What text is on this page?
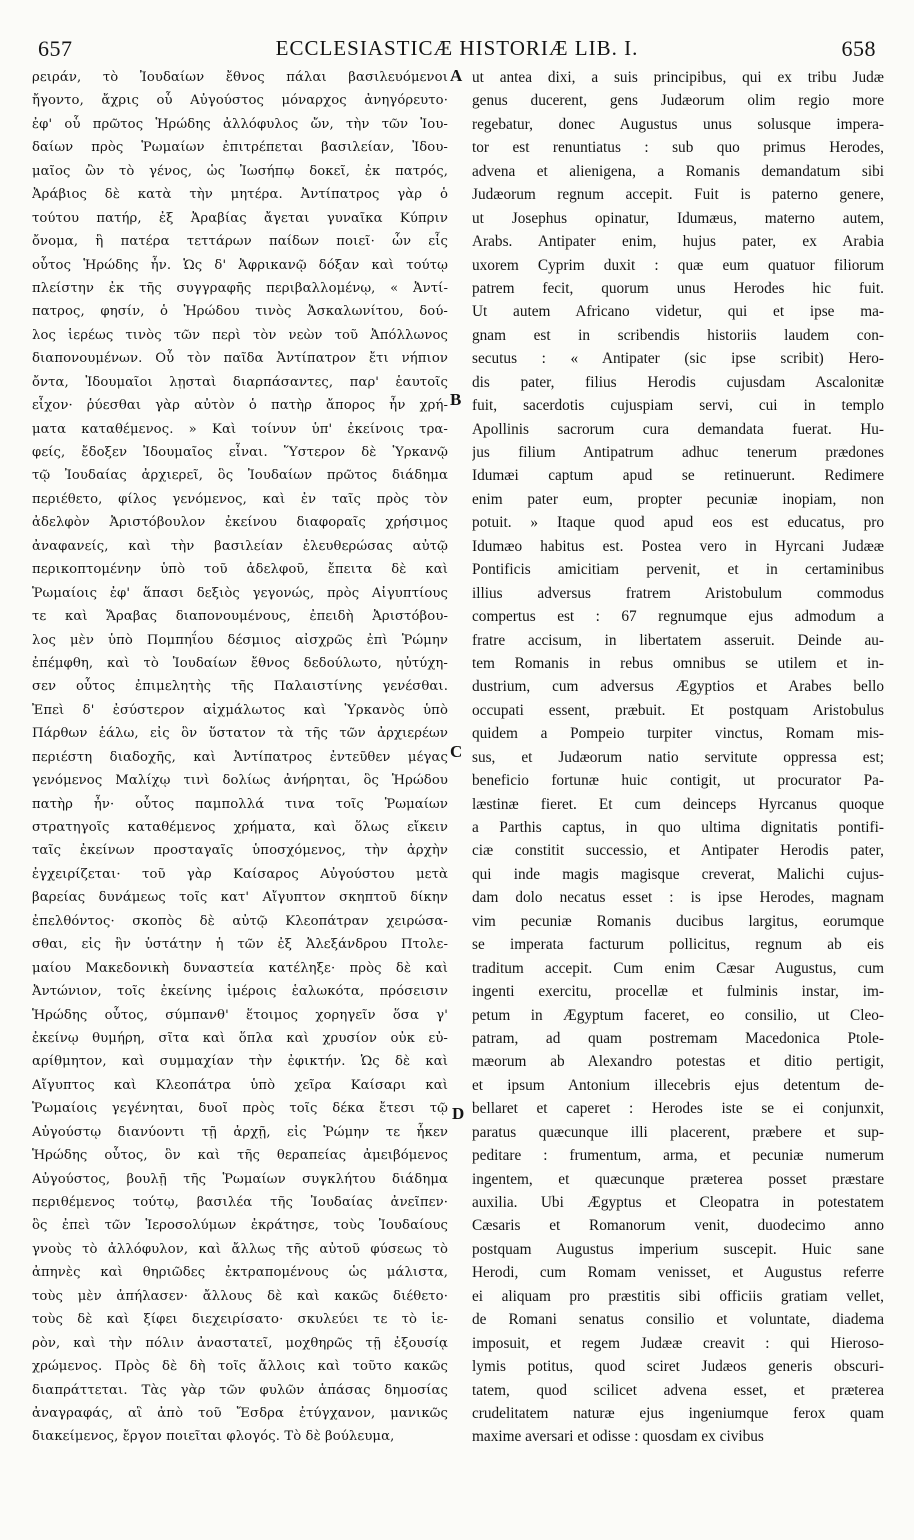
657	ECCLESIASTICÆ HISTORIÆ LIB. I.	658
ρειράν, τὸ Ἰουδαίων ἔθνος πάλαι βασιλευόμενοι
ἤγοντο, ἄχρις οὗ Αὐγούστος μόναρχος ἀνηγόρευτο·
ἐφ' οὗ πρῶτος Ἡρώδης ἀλλόφυλος ὤν, τὴν τῶν Ἰου-
δαίων πρὸς Ῥωμαίων ἐπιτρέπεται βασιλείαν, Ἰδου-
μαῖος ὢν τὸ γένος, ὡς Ἰωσήπῳ δοκεῖ, ἐκ πατρός,
Ἀράβιος δὲ κατὰ τὴν μητέρα. Ἀντίπατρος γὰρ ὁ
τούτου πατήρ, ἐξ Ἀραβίας ἄγεται γυναῖκα Κύπριν
ὄνομα, ἣ πατέρα τεττάρων παίδων ποιεῖ· ὧν εἷς
οὗτος Ἡρώδης ἦν. Ὡς δ' Ἀφρικανῷ δόξαν καὶ τούτῳ
πλείστην ἐκ τῆς συγγραφῆς περιβαλλομένῳ, « Ἀντί-
πατρος, φησίν, ὁ Ἡρώδου τινὸς Ἀσκαλωνίτου, δού-
λος ἱερέως τινὸς τῶν περὶ τὸν νεὼν τοῦ Ἀπόλλωνος
διαπονουμένων. Οὗ τὸν παῖδα Ἀντίπατρον ἔτι νήπιον
ὄντα, Ἰδουμαῖοι λῃσταὶ διαρπάσαντες, παρ' ἑαυτοῖς
εἶχον· ῥύεσθαι γὰρ αὐτὸν ὁ πατὴρ ἄπορος ἦν χρή-
ματα καταθέμενος. » Καὶ τοίνυν ὑπ' ἐκείνοις τρα-
φείς, ἔδοξεν Ἰδουμαῖος εἶναι. Ὕστερον δὲ Ὑρκανῷ
τῷ Ἰουδαίας ἀρχιερεῖ, ὃς Ἰουδαίων πρῶτος διάδημα
περιέθετο, φίλος γενόμενος, καὶ ἐν ταῖς πρὸς τὸν
ἀδελφὸν Ἀριστόβουλον ἐκείνου διαφοραῖς χρήσιμος
ἀναφανείς, καὶ τὴν βασιλείαν ἐλευθερώσας αὐτῷ
περικοπτομένην ὑπὸ τοῦ ἀδελφοῦ, ἔπειτα δὲ καὶ
Ῥωμαίοις ἐφ' ἅπασι δεξιὸς γεγονώς, πρὸς Αἰγυπτίους
τε καὶ Ἄραβας διαπονουμένους, ἐπειδὴ Ἀριστόβου-
λος μὲν ὑπὸ Πομπηΐου δέσμιος αἰσχρῶς ἐπὶ Ῥώμην
ἐπέμφθη, καὶ τὸ Ἰουδαίων ἔθνος δεδούλωτο, ηὐτύχη-
σεν οὗτος ἐπιμελητὴς τῆς Παλαιστίνης γενέσθαι.
Ἐπεὶ δ' ἐσύστερον αἰχμάλωτος καὶ Ὑρκανὸς ὑπὸ
Πάρθων ἑάλω, εἰς ὃν ὕστατον τὰ τῆς τῶν ἀρχιερέων
περιέστη διαδοχῆς, καὶ Ἀντίπατρος ἐντεῦθεν μέγας
γενόμενος Μαλίχῳ τινὶ δολίως ἀνήρηται, ὃς Ἡρώδου
πατὴρ ἦν· οὗτος παμπολλά τινα τοῖς Ῥωμαίων
στρατηγοῖς καταθέμενος χρήματα, καὶ ὅλως εἴκειν
ταῖς ἐκείνων προσταγαῖς ὑποσχόμενος, τὴν ἀρχὴν
ἐγχειρίζεται· τοῦ γὰρ Καίσαρος Αὐγούστου μετὰ
βαρείας δυνάμεως τοῖς κατ' Αἴγυπτον σκηπτοῦ δίκην
ἐπελθόντος· σκοπὸς δὲ αὐτῷ Κλεοπάτραν χειρώσα-
σθαι, εἰς ἣν ὑστάτην ἡ τῶν ἐξ Ἀλεξάνδρου Πτολε-
μαίου Μακεδονικὴ δυναστεία κατέληξε· πρὸς δὲ καὶ
Ἀντώνιον, τοῖς ἐκείνης ἱμέροις ἑαλωκότα, πρόσεισιν
Ἡρώδης οὗτος, σύμπανθ' ἕτοιμος χορηγεῖν ὅσα γ'
ἐκείνῳ θυμήρη, σῖτα καὶ ὅπλα καὶ χρυσίον οὐκ εὐ-
αρίθμητον, καὶ συμμαχίαν τὴν ἐφικτήν. Ὡς δὲ καὶ
Αἴγυπτος καὶ Κλεοπάτρα ὑπὸ χεῖρα Καίσαρι καὶ
Ῥωμαίοις γεγένηται, δυοῖ πρὸς τοῖς δέκα ἔτεσι τῷ
Αὐγούστῳ διανύοντι τῇ ἀρχῇ, εἰς Ῥώμην τε ἧκεν
Ἡρώδης οὗτος, ὃν καὶ τῆς θεραπείας ἀμειβόμενος
Αὐγούστος, βουλῇ τῆς Ῥωμαίων συγκλήτου διάδημα
περιθέμενος τούτῳ, βασιλέα τῆς Ἰουδαίας ἀνεῖπεν·
ὃς ἐπεὶ τῶν Ἱεροσολύμων ἐκράτησε, τοὺς Ἰουδαίους
γνοὺς τὸ ἀλλόφυλον, καὶ ἄλλως τῆς αὐτοῦ φύσεως τὸ
ἀπηνὲς καὶ θηριῶδες ἐκτραπομένους ὡς μάλιστα,
τοὺς μὲν ἀπήλασεν· ἄλλους δὲ καὶ κακῶς διέθετο·
τοὺς δὲ καὶ ξίφει διεχειρίσατο· σκυλεύει τε τὸ ἱε-
ρὸν, καὶ τὴν πόλιν ἀναστατεῖ, μοχθηρῶς τῇ ἐξουσίᾳ
χρώμενος. Πρὸς δὲ δὴ τοῖς ἄλλοις καὶ τοῦτο κακῶς
διαπράττεται. Τὰς γὰρ τῶν φυλῶν ἁπάσας δημοσίας
ἀναγραφάς, αἳ ἀπὸ τοῦ Ἔσδρα ἐτύγχανον, μανικῶς
διακείμενος, ἔργον ποιεῖται φλογός. Τὸ δὲ βούλευμα,
ut antea dixi, a suis principibus, qui ex tribu Judæ
genus ducerent, gens Judæorum olim regio more
regebatur, donec Augustus unus solusque impera-
tor est renuntiatus : sub quo primus Herodes,
advena et alienigena, a Romanis demandatum sibi
Judæorum regnum accepit. Fuit is paterno genere,
ut Josephus opinatur, Idumæus, materno autem,
Arabs. Antipater enim, hujus pater, ex Arabia
uxorem Cyprim duxit : quæ eum quatuor filiorum
patrem fecit, quorum unus Herodes hic fuit.
Ut autem Africano videtur, qui et ipse ma-
gnam est in scribendis historiis laudem con-
secutus : « Antipater (sic ipse scribit) Hero-
dis pater, filius Herodis cujusdam Ascalonitæ
fuit, sacerdotis cujuspiam servi, cui in templo
Apollinis sacrorum cura demandata fuerat. Hu-
jus filium Antipatrum adhuc tenerum prædones
Idumæi captum apud se retinuerunt. Redimere
enim pater eum, propter pecuniæ inopiam, non
potuit. » Itaque quod apud eos est educatus, pro
Idumæo habitus est. Postea vero in Hyrcani Judææ
Pontificis amicitiam pervenit, et in certaminibus
illius adversus fratrem Aristobulum commodus
compertus est : 67 regnumque ejus admodum a
fratre accisum, in libertatem asseruit. Deinde au-
tem Romanis in rebus omnibus se utilem et in-
dustrium, cum adversus Ægyptios et Arabes bello
occupati essent, præbuit. Et postquam Aristobulus
quidem a Pompeio turpiter vinctus, Romam mis-
sus, et Judæorum natio servitute oppressa est;
beneficio fortunæ huic contigit, ut procurator Pa-
læstinæ fieret. Et cum deinceps Hyrcanus quoque
a Parthis captus, in quo ultima dignitatis pontifi-
ciæ constitit successio, et Antipater Herodis pater,
qui inde magis magisque creverat, Malichi cujus-
dam dolo necatus esset : is ipse Herodes, magnam
vim pecuniæ Romanis ducibus largitus, eorumque
se imperata facturum pollicitus, regnum ab eis
traditum accepit. Cum enim Cæsar Augustus, cum
ingenti exercitu, procellæ et fulminis instar, im-
petum in Ægyptum faceret, eo consilio, ut Cleo-
patram, ad quam postremam Macedonica Ptole-
mæorum ab Alexandro potestas et ditio pertigit,
et ipsum Antonium illecebris ejus detentum de-
bellaret et caperet : Herodes iste se ei conjunxit,
paratus quæcunque illi placerent, præbere et sup-
peditare : frumentum, arma, et pecuniæ numerum
ingentem, et quæcunque præterea posset præstare
auxilia. Ubi Ægyptus et Cleopatra in potestatem
Cæsaris et Romanorum venit, duodecimo anno
postquam Augustus imperium suscepit. Huic sane
Herodi, cum Romam venisset, et Augustus referre
ei aliquam pro præstitis sibi officiis gratiam vellet,
de Romani senatus consilio et voluntate, diadema
imposuit, et regem Judææ creavit : qui Hieroso-
lymis potitus, quod sciret Judæos generis obscuri-
tatem, quod scilicet advena esset, et præterea
crudelitatem naturæ ejus ingeniumque ferox quam
maxime aversari et odisse : quosdam ex civibus
A
B
C
D
